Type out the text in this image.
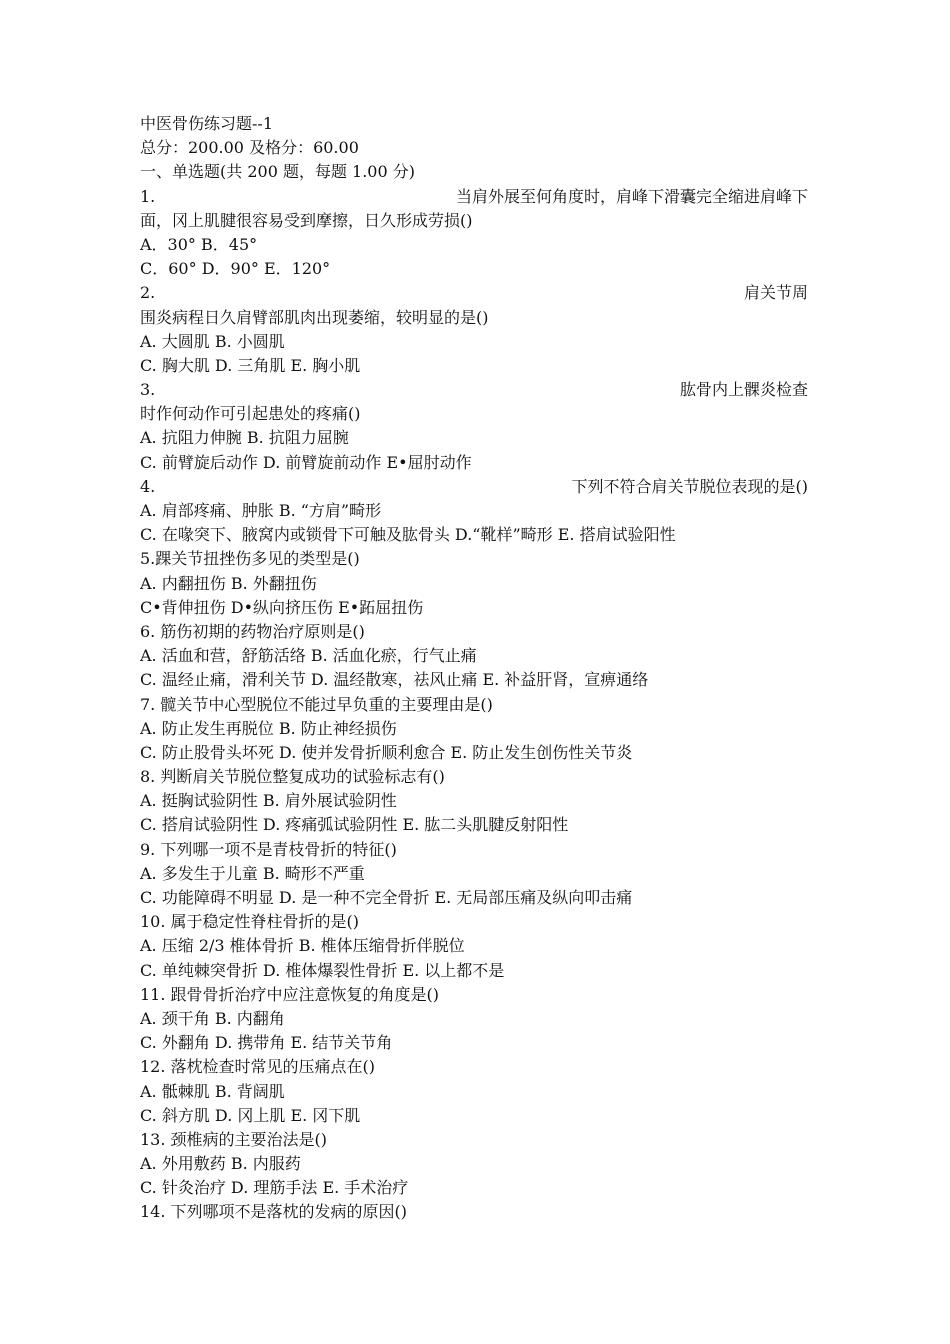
中医骨伤练习题--1
总分：200.00 及格分：60.00
一、单选题(共 200 题，每题 1.00 分)
1.	当肩外展至何角度时，肩峰下滑囊完全缩进肩峰下
面，冈上肌腱很容易受到摩擦，日久形成劳损()
A．30° B．45°
C．60° D．90° E．120°
2.	肩关节周
围炎病程日久肩臂部肌肉出现萎缩，较明显的是()
A. 大圆肌 B. 小圆肌
C. 胸大肌 D. 三角肌 E. 胸小肌
3.	肱骨内上髁炎检查
时作何动作可引起患处的疼痛()
A. 抗阻力伸腕 B. 抗阻力屈腕
C. 前臂旋后动作 D. 前臂旋前动作 E•屈肘动作
4.	下列不符合肩关节脱位表现的是()
A. 肩部疼痛、肿胀 B. “方肩”畸形
C. 在喙突下、腋窝内或锁骨下可触及肱骨头 D.“靴样”畸形 E. 搭肩试验阳性
5.踝关节扭挫伤多见的类型是()
A. 内翻扭伤 B. 外翻扭伤
C•背伸扭伤 D•纵向挤压伤 E•跖屈扭伤
6. 筋伤初期的药物治疗原则是()
A. 活血和营，舒筋活络 B. 活血化瘀，行气止痛
C. 温经止痛，滑利关节 D. 温经散寒，祛风止痛 E. 补益肝肾，宣痹通络
7. 髋关节中心型脱位不能过早负重的主要理由是()
A. 防止发生再脱位 B. 防止神经损伤
C. 防止股骨头坏死 D. 使并发骨折顺利愈合 E. 防止发生创伤性关节炎
8. 判断肩关节脱位整复成功的试验标志有()
A. 挺胸试验阴性 B. 肩外展试验阴性
C. 搭肩试验阴性 D. 疼痛弧试验阴性 E. 肱二头肌腱反射阳性
9. 下列哪一项不是青枝骨折的特征()
A. 多发生于儿童 B. 畸形不严重
C. 功能障碍不明显 D. 是一种不完全骨折 E. 无局部压痛及纵向叩击痛
10. 属于稳定性脊柱骨折的是()
A. 压缩 2/3 椎体骨折 B. 椎体压缩骨折伴脱位
C. 单纯棘突骨折 D. 椎体爆裂性骨折 E. 以上都不是
11. 跟骨骨折治疗中应注意恢复的角度是()
A. 颈干角 B. 内翻角
C. 外翻角 D. 携带角 E. 结节关节角
12. 落枕检查时常见的压痛点在()
A. 骶棘肌 B. 背阔肌
C. 斜方肌 D. 冈上肌 E. 冈下肌
13. 颈椎病的主要治法是()
A. 外用敷药 B. 内服药
C. 针灸治疗 D. 理筋手法 E. 手术治疗
14. 下列哪项不是落枕的发病的原因()
